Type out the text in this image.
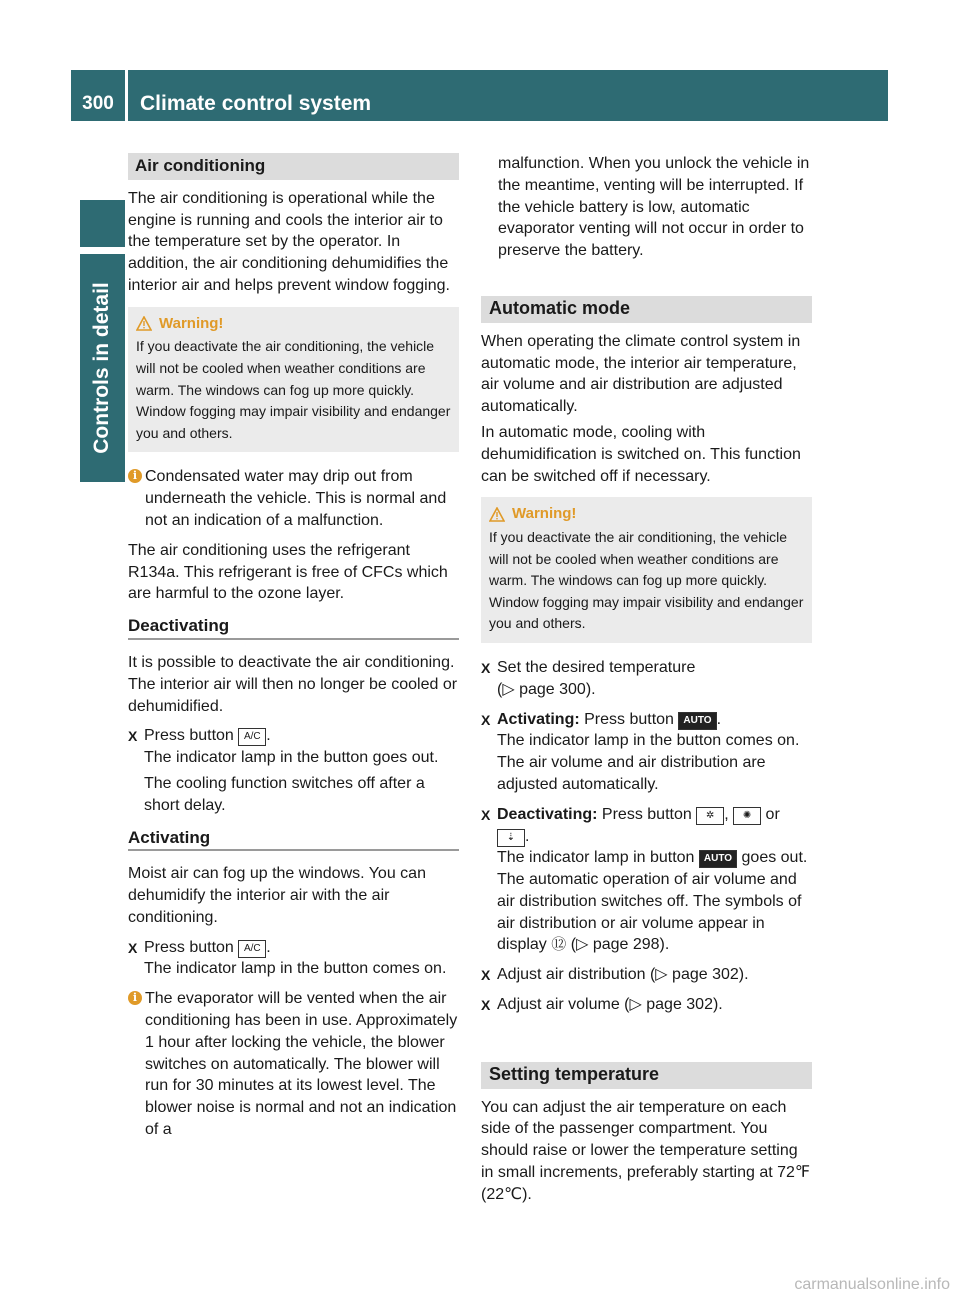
300	Climate control system
Controls in detail
Air conditioning

The air conditioning is operational while the engine is running and cools the interior air to the temperature set by the operator. In addition, the air conditioning dehumidifies the interior air and helps prevent window fogging.

Warning!
If you deactivate the air conditioning, the vehicle will not be cooled when weather conditions are warm. The windows can fog up more quickly. Window fogging may impair visibility and endanger you and others.
i Condensated water may drip out from underneath the vehicle. This is normal and not an indication of a malfunction.

The air conditioning uses the refrigerant R134a. This refrigerant is free of CFCs which are harmful to the ozone layer.

Deactivating

It is possible to deactivate the air conditioning. The interior air will then no longer be cooled or dehumidified.

X Press button A/C .
The indicator lamp in the button goes out.

The cooling function switches off after a short delay.

Activating

Moist air can fog up the windows. You can dehumidify the interior air with the air conditioning.

X Press button A/C .
The indicator lamp in the button comes on.

i The evaporator will be vented when the air conditioning has been in use. Approximately 1 hour after locking the vehicle, the blower switches on automatically. The blower will run for 30 minutes at its lowest level. The blower noise is normal and not an indication of a

malfunction. When you unlock the vehicle in the meantime, venting will be interrupted. If the vehicle battery is low, automatic evaporator venting will not occur in order to preserve the battery.

Automatic mode

When operating the climate control system in automatic mode, the interior air temperature, air volume and air distribution are adjusted automatically.

In automatic mode, cooling with dehumidification is switched on. This function can be switched off if necessary.

Warning!
If you deactivate the air conditioning, the vehicle will not be cooled when weather conditions are warm. The windows can fog up more quickly. Window fogging may impair visibility and endanger you and others.
X Set the desired temperature
(▷ page 300).

X Activating: Press button AUTO .
The indicator lamp in the button comes on. The air volume and air distribution are adjusted automatically.

X Deactivating: Press button ✲ , ✺ or
⇣ .
The indicator lamp in button AUTO goes out.
The automatic operation of air volume and air distribution switches off. The symbols of air distribution or air volume appear in display ⑫ (▷ page 298).

X Adjust air distribution (▷ page 302).

X Adjust air volume (▷ page 302).

Setting temperature

You can adjust the air temperature on each side of the passenger compartment. You should raise or lower the temperature setting in small increments, preferably starting at 72℉ (22℃).

carmanualsonline.info
